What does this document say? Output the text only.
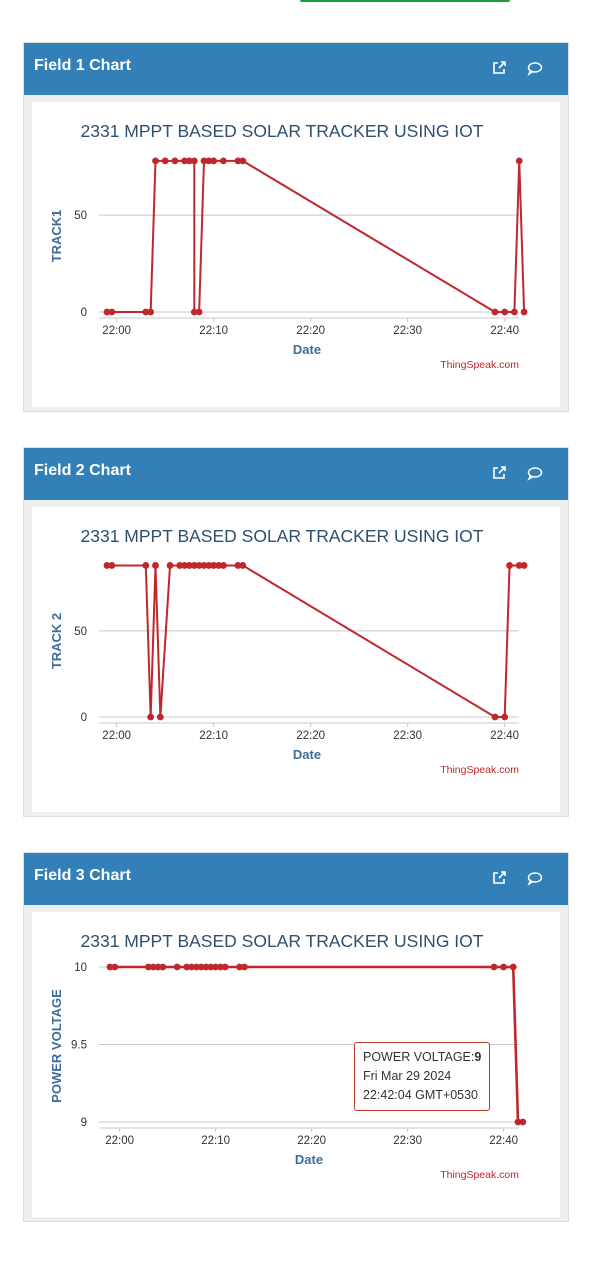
Field 1 Chart
2331 MPPT BASED SOLAR TRACKER USING IOT
TRACK1
Date
ThingSpeak.com
0
50
22:00	22:10	22:20	22:30	22:40
Field 2 Chart
2331 MPPT BASED SOLAR TRACKER USING IOT
TRACK 2
Date
ThingSpeak.com
0
50
22:00	22:10	22:20	22:30	22:40
Field 3 Chart
2331 MPPT BASED SOLAR TRACKER USING IOT
POWER VOLTAGE
Date
ThingSpeak.com
9
9.5
10
22:00	22:10	22:20	22:30	22:40
POWER VOLTAGE:9
Fri Mar 29 2024
22:42:04 GMT+0530
